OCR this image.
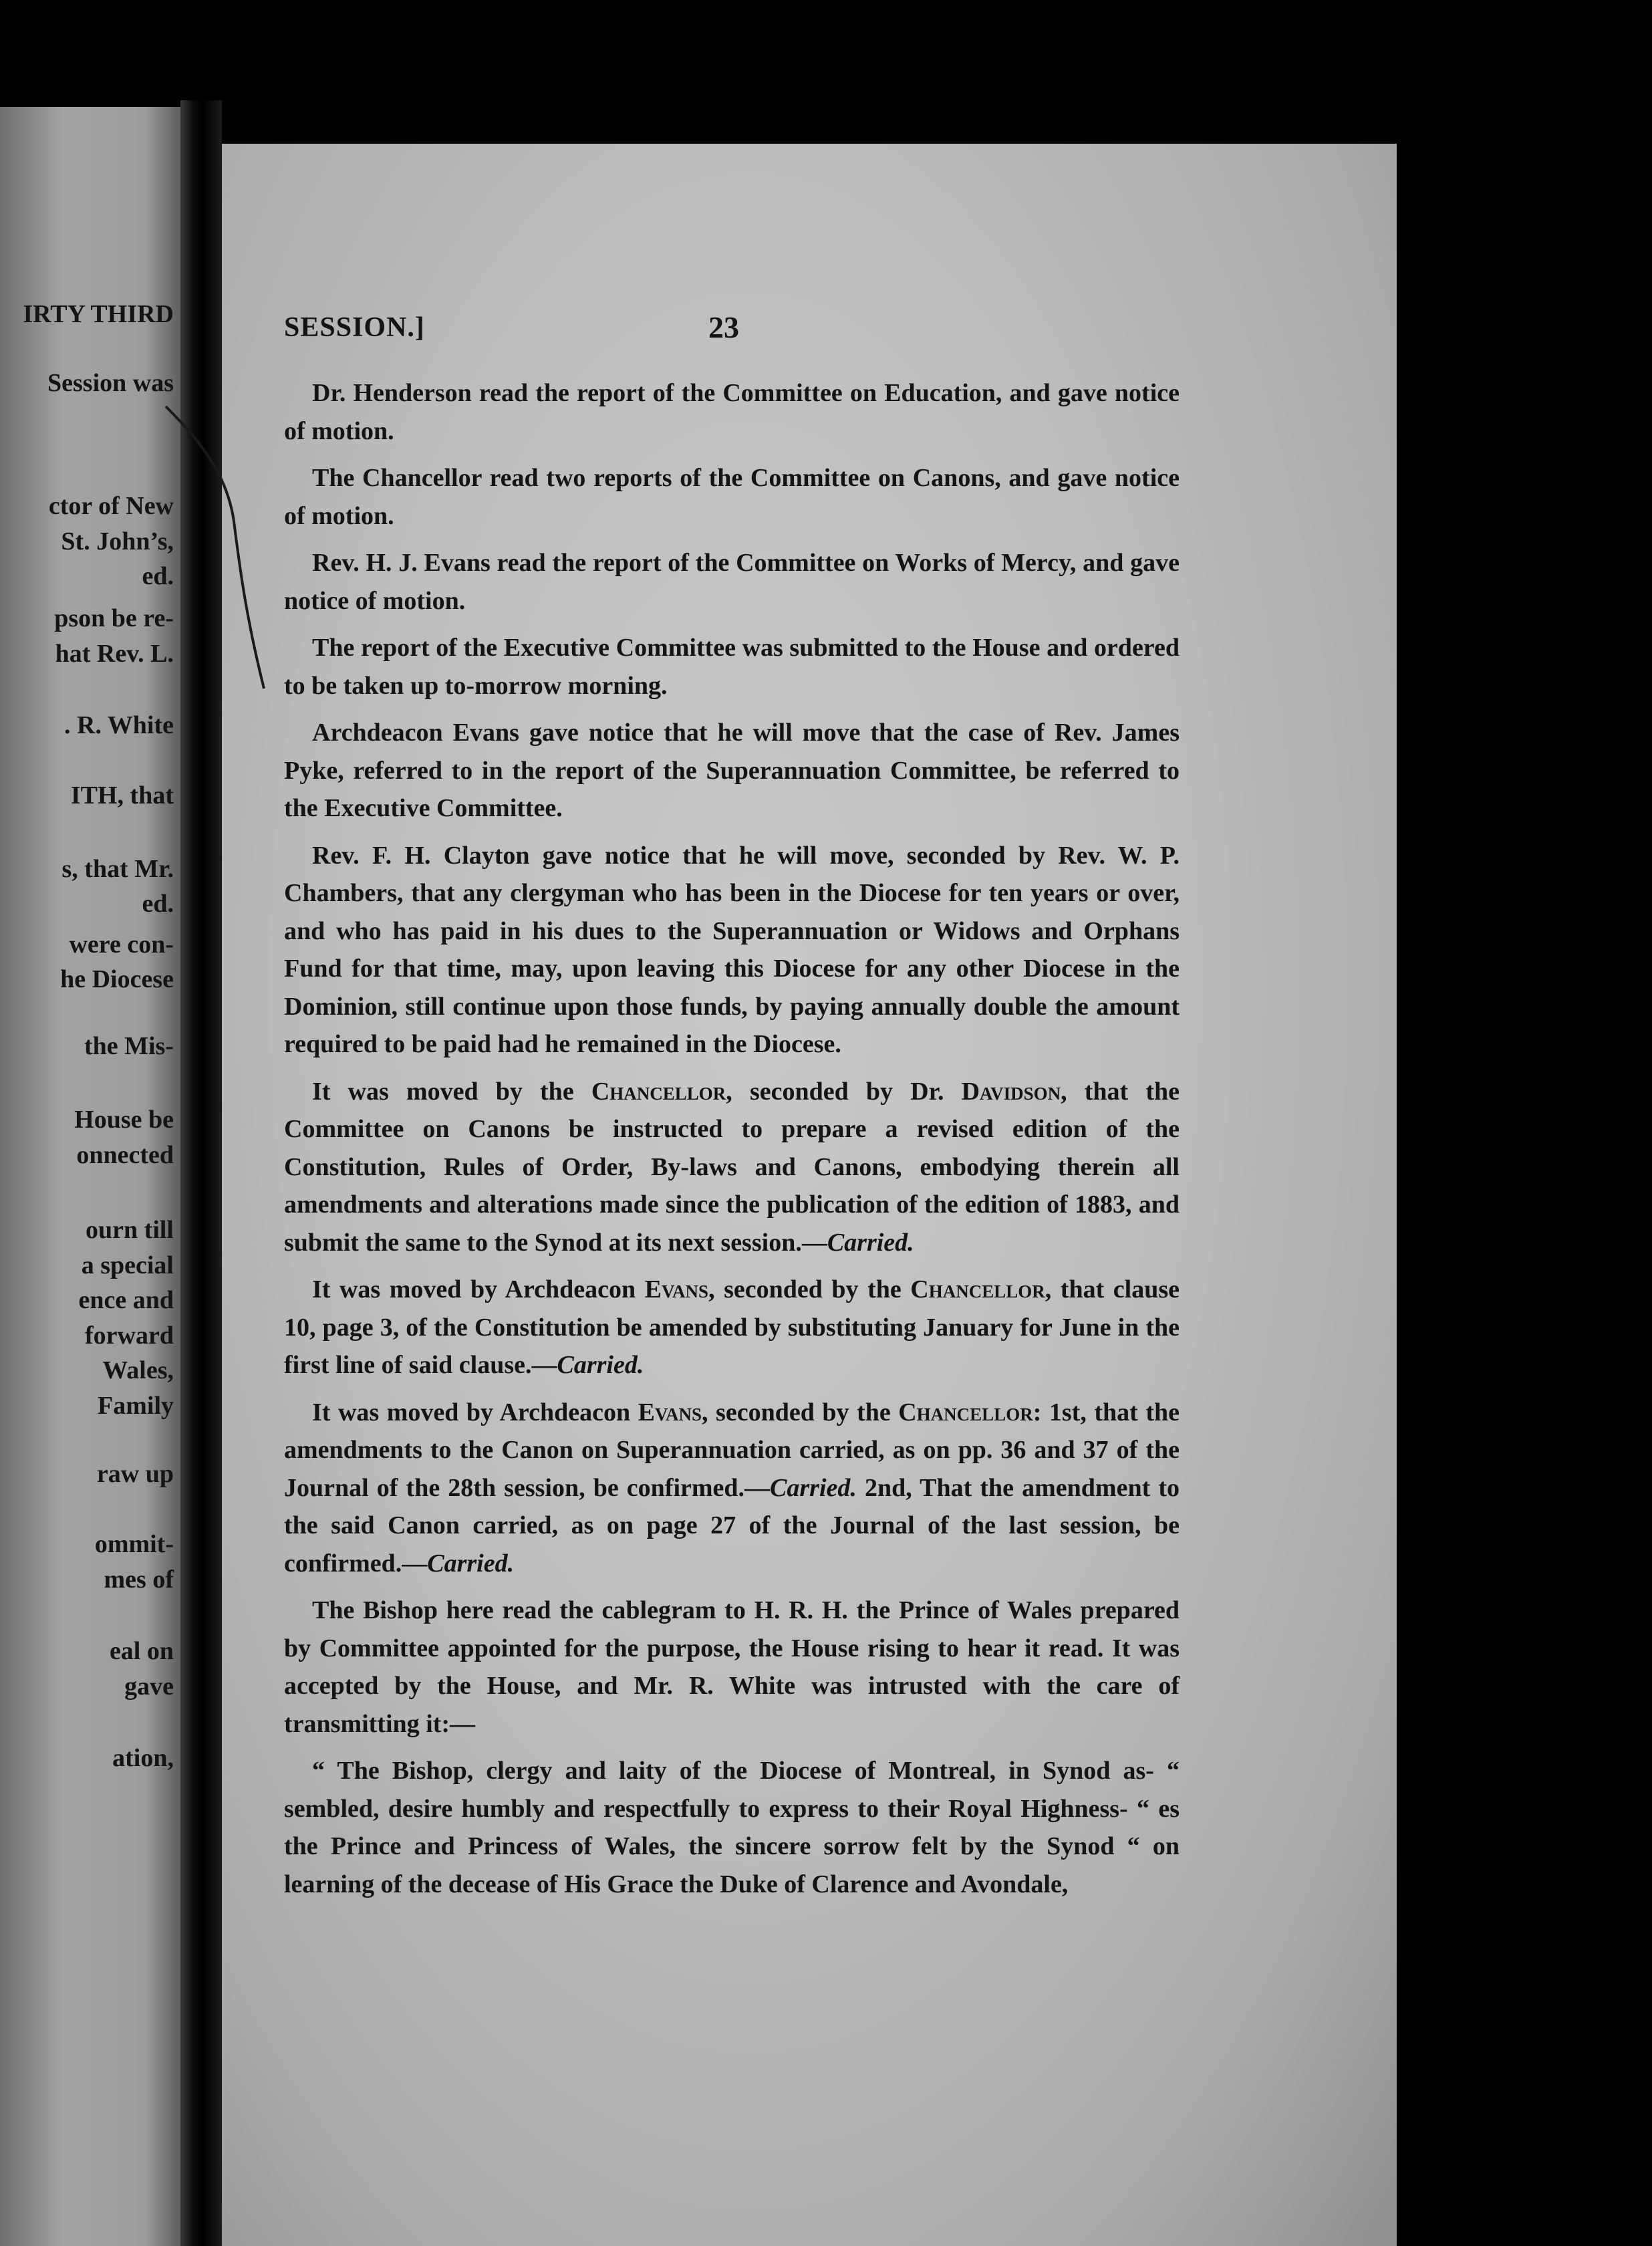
IRTY THIRD
Session was
ctor of New
St. John’s,
ed.
pson be re-
hat Rev. L.
. R. White
ITH, that
s, that Mr.
ed.
were con-
he Diocese
the Mis-
House be
onnected
ourn till
a special
ence and
forward
Wales,
Family
raw up
ommit-
mes of
eal on
gave
ation,
SESSION.]	23

Dr. Henderson read the report of the Committee on Education, and gave notice of motion.

The Chancellor read two reports of the Committee on Canons, and gave notice of motion.

Rev. H. J. Evans read the report of the Committee on Works of Mercy, and gave notice of motion.

The report of the Executive Committee was submitted to the House and ordered to be taken up to-morrow morning.

Archdeacon Evans gave notice that he will move that the case of Rev. James Pyke, referred to in the report of the Superannuation Committee, be referred to the Executive Committee.

Rev. F. H. Clayton gave notice that he will move, seconded by Rev. W. P. Chambers, that any clergyman who has been in the Diocese for ten years or over, and who has paid in his dues to the Superannuation or Widows and Orphans Fund for that time, may, upon leaving this Diocese for any other Diocese in the Dominion, still continue upon those funds, by paying annually double the amount required to be paid had he remained in the Diocese.

It was moved by the Chancellor, seconded by Dr. Davidson, that the Committee on Canons be instructed to prepare a revised edition of the Constitution, Rules of Order, By-laws and Canons, embodying therein all amendments and alterations made since the publication of the edition of 1883, and submit the same to the Synod at its next session.—Carried.

It was moved by Archdeacon Evans, seconded by the Chancellor, that clause 10, page 3, of the Constitution be amended by substituting January for June in the first line of said clause.—Carried.

It was moved by Archdeacon Evans, seconded by the Chancellor: 1st, that the amendments to the Canon on Superannuation carried, as on pp. 36 and 37 of the Journal of the 28th session, be confirmed.—Carried. 2nd, That the amendment to the said Canon carried, as on page 27 of the Journal of the last session, be confirmed.—Carried.

The Bishop here read the cablegram to H. R. H. the Prince of Wales prepared by Committee appointed for the purpose, the House rising to hear it read. It was accepted by the House, and Mr. R. White was intrusted with the care of transmitting it:—

“ The Bishop, clergy and laity of the Diocese of Montreal, in Synod as- “ sembled, desire humbly and respectfully to express to their Royal Highness- “ es the Prince and Princess of Wales, the sincere sorrow felt by the Synod “ on learning of the decease of His Grace the Duke of Clarence and Avondale,
